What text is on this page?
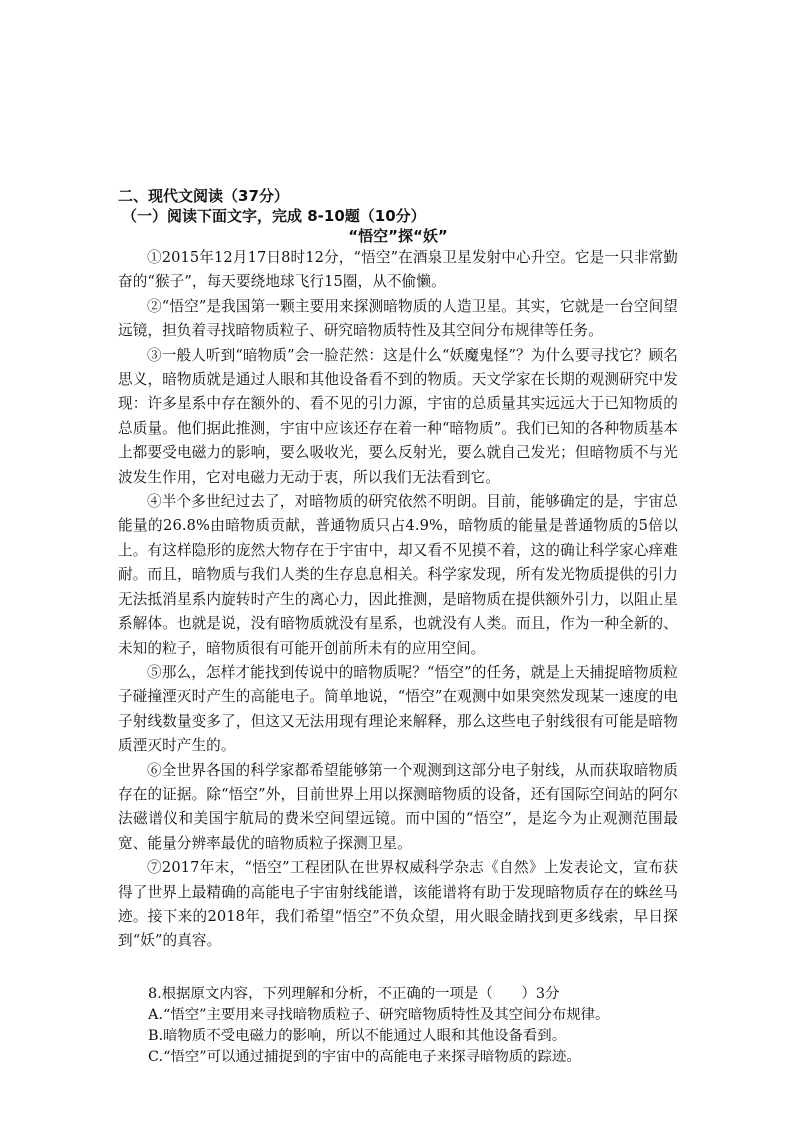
二、现代文阅读（37分）

（一）阅读下面文字，完成 8-10题（10分）

“悟空”探“妖”

①2015年12月17日8时12分，“悟空”在酒泉卫星发射中心升空。它是一只非常勤奋的“猴子”，每天要绕地球飞行15圈，从不偷懒。

②“悟空”是我国第一颗主要用来探测暗物质的人造卫星。其实，它就是一台空间望远镜，担负着寻找暗物质粒子、研究暗物质特性及其空间分布规律等任务。

③一般人听到“暗物质”会一脸茫然：这是什么“妖魔鬼怪”？为什么要寻找它？顾名思义，暗物质就是通过人眼和其他设备看不到的物质。天文学家在长期的观测研究中发现：许多星系中存在额外的、看不见的引力源，宇宙的总质量其实远远大于已知物质的总质量。他们据此推测，宇宙中应该还存在着一种“暗物质”。我们已知的各种物质基本上都要受电磁力的影响，要么吸收光，要么反射光，要么就自己发光；但暗物质不与光波发生作用，它对电磁力无动于衷，所以我们无法看到它。

④半个多世纪过去了，对暗物质的研究依然不明朗。目前，能够确定的是，宇宙总能量的26.8%由暗物质贡献，普通物质只占4.9%，暗物质的能量是普通物质的5倍以上。有这样隐形的庞然大物存在于宇宙中，却又看不见摸不着，这的确让科学家心痒难耐。而且，暗物质与我们人类的生存息息相关。科学家发现，所有发光物质提供的引力无法抵消星系内旋转时产生的离心力，因此推测，是暗物质在提供额外引力，以阻止星系解体。也就是说，没有暗物质就没有星系，也就没有人类。而且，作为一种全新的、未知的粒子，暗物质很有可能开创前所未有的应用空间。

⑤那么，怎样才能找到传说中的暗物质呢？“悟空”的任务，就是上天捕捉暗物质粒子碰撞湮灭时产生的高能电子。简单地说，“悟空”在观测中如果突然发现某一速度的电子射线数量变多了，但这又无法用现有理论来解释，那么这些电子射线很有可能是暗物质湮灭时产生的。

⑥全世界各国的科学家都希望能够第一个观测到这部分电子射线，从而获取暗物质存在的证据。除“悟空”外，目前世界上用以探测暗物质的设备，还有国际空间站的阿尔法磁谱仪和美国宇航局的费米空间望远镜。而中国的“悟空”，是迄今为止观测范围最宽、能量分辨率最优的暗物质粒子探测卫星。

⑦2017年末，“悟空”工程团队在世界权威科学杂志《自然》上发表论文，宣布获得了世界上最精确的高能电子宇宙射线能谱，该能谱将有助于发现暗物质存在的蛛丝马迹。接下来的2018年，我们希望“悟空”不负众望，用火眼金睛找到更多线索，早日探到“妖”的真容。

8.根据原文内容，下列理解和分析，不正确的一项是（　　）3分

A.“悟空”主要用来寻找暗物质粒子、研究暗物质特性及其空间分布规律。

B.暗物质不受电磁力的影响，所以不能通过人眼和其他设备看到。

C.“悟空”可以通过捕捉到的宇宙中的高能电子来探寻暗物质的踪迹。
